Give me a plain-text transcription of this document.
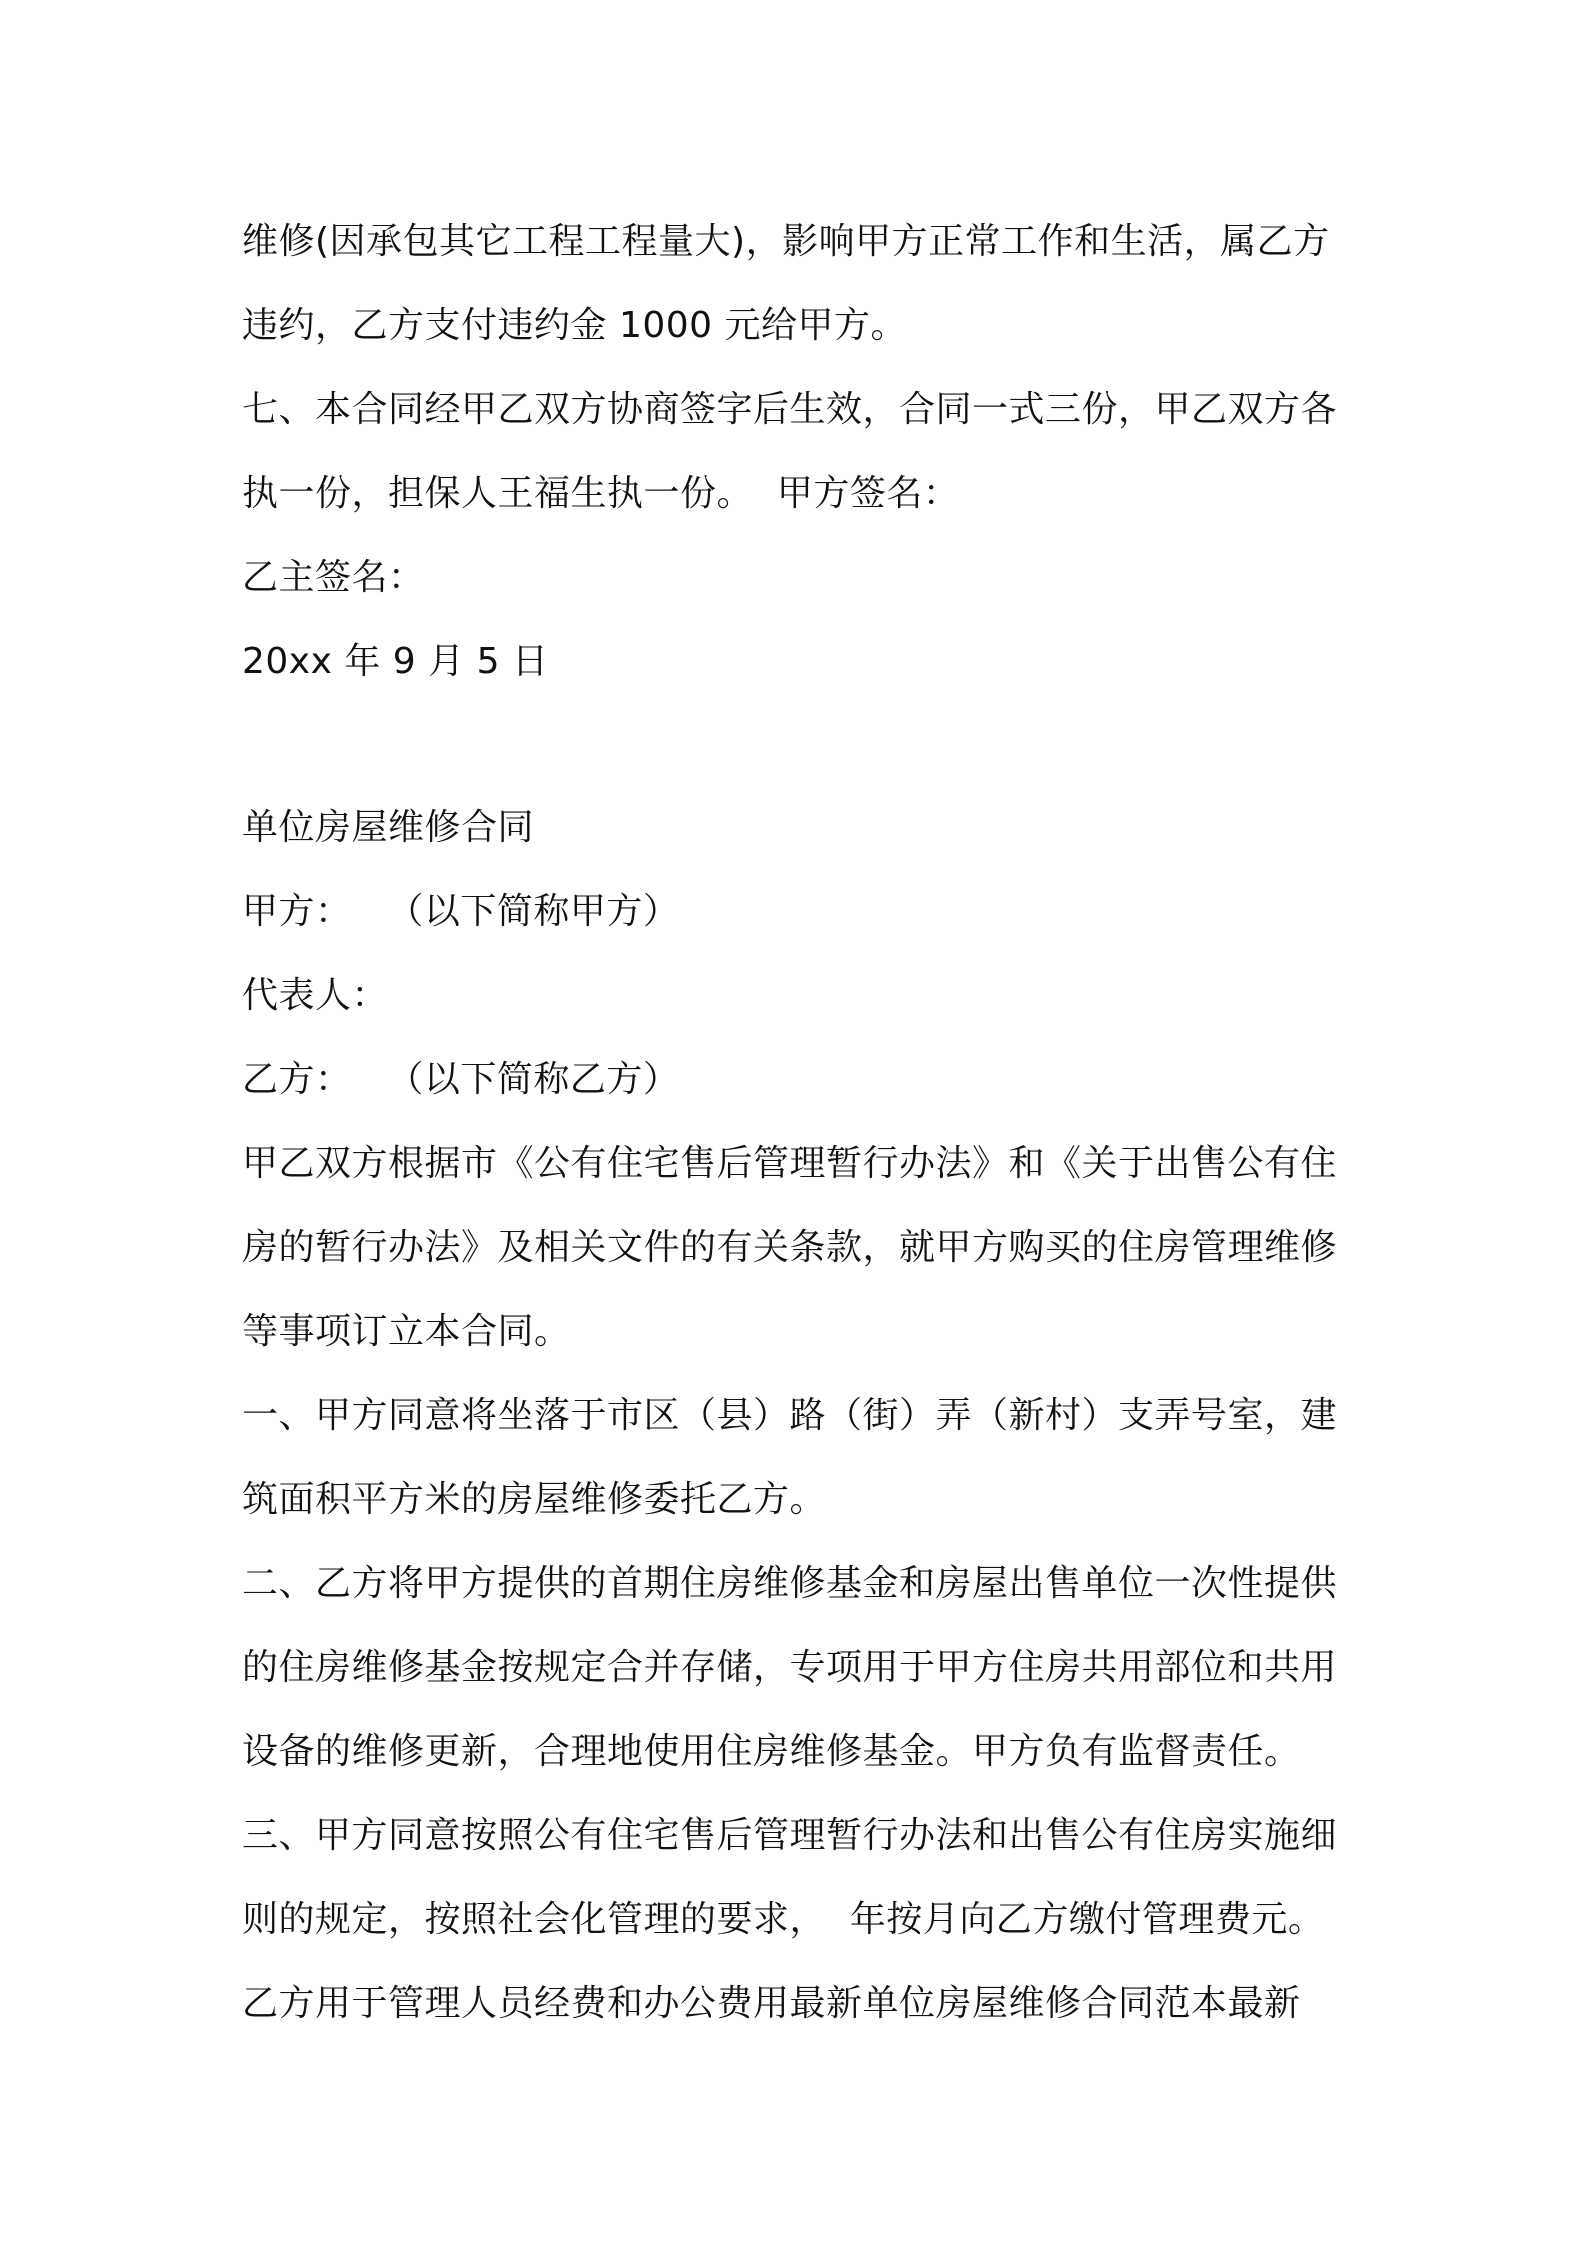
维修(因承包其它工程工程量大)，影响甲方正常工作和生活，属乙方
违约，乙方支付违约金 1000 元给甲方。
七、本合同经甲乙双方协商签字后生效，合同一式三份，甲乙双方各
执一份，担保人王福生执一份。  甲方签名：
乙主签名：
20xx 年 9 月 5 日
单位房屋维修合同
甲方：   （以下简称甲方）
代表人：
乙方：   （以下简称乙方）
甲乙双方根据市《公有住宅售后管理暂行办法》和《关于出售公有住
房的暂行办法》及相关文件的有关条款，就甲方购买的住房管理维修
等事项订立本合同。
一、甲方同意将坐落于市区（县）路（街）弄（新村）支弄号室，建
筑面积平方米的房屋维修委托乙方。
二、乙方将甲方提供的首期住房维修基金和房屋出售单位一次性提供
的住房维修基金按规定合并存储，专项用于甲方住房共用部位和共用
设备的维修更新，合理地使用住房维修基金。甲方负有监督责任。
三、甲方同意按照公有住宅售后管理暂行办法和出售公有住房实施细
则的规定，按照社会化管理的要求，  年按月向乙方缴付管理费元。
乙方用于管理人员经费和办公费用最新单位房屋维修合同范本最新
